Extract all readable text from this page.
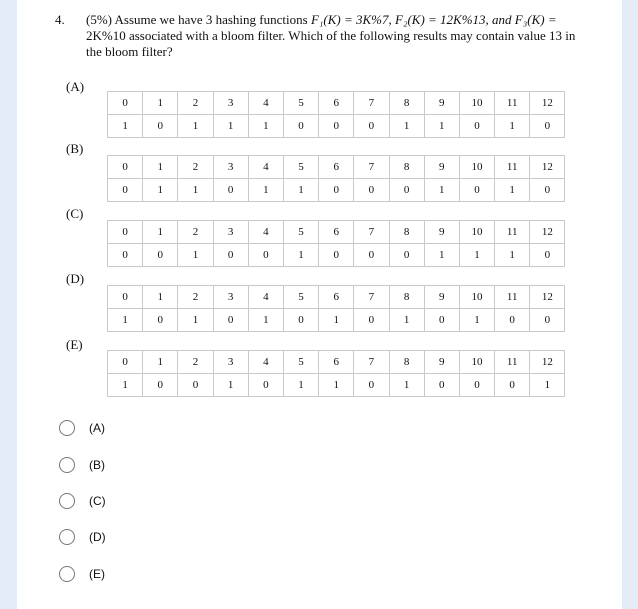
4. (5%) Assume we have 3 hashing functions F₁(K) = 3K%7, F₂(K) = 12K%13, and F₃(K) =
2K%10 associated with a bloom filter. Which of the following results may contain value 13 in
the bloom filter?
(A)
0	1	2	3	4	5	6	7	8	9	10	11	12
1	0	1	1	1	0	0	0	1	1	0	1	0
(B)
0	1	2	3	4	5	6	7	8	9	10	11	12
0	1	1	0	1	1	0	0	0	1	0	1	0
(C)
0	1	2	3	4	5	6	7	8	9	10	11	12
0	0	1	0	0	1	0	0	0	1	1	1	0
(D)
0	1	2	3	4	5	6	7	8	9	10	11	12
1	0	1	0	1	0	1	0	1	0	1	0	0
(E)
0	1	2	3	4	5	6	7	8	9	10	11	12
1	0	0	1	0	1	1	0	1	0	0	0	1
(A)
(B)
(C)
(D)
(E)
